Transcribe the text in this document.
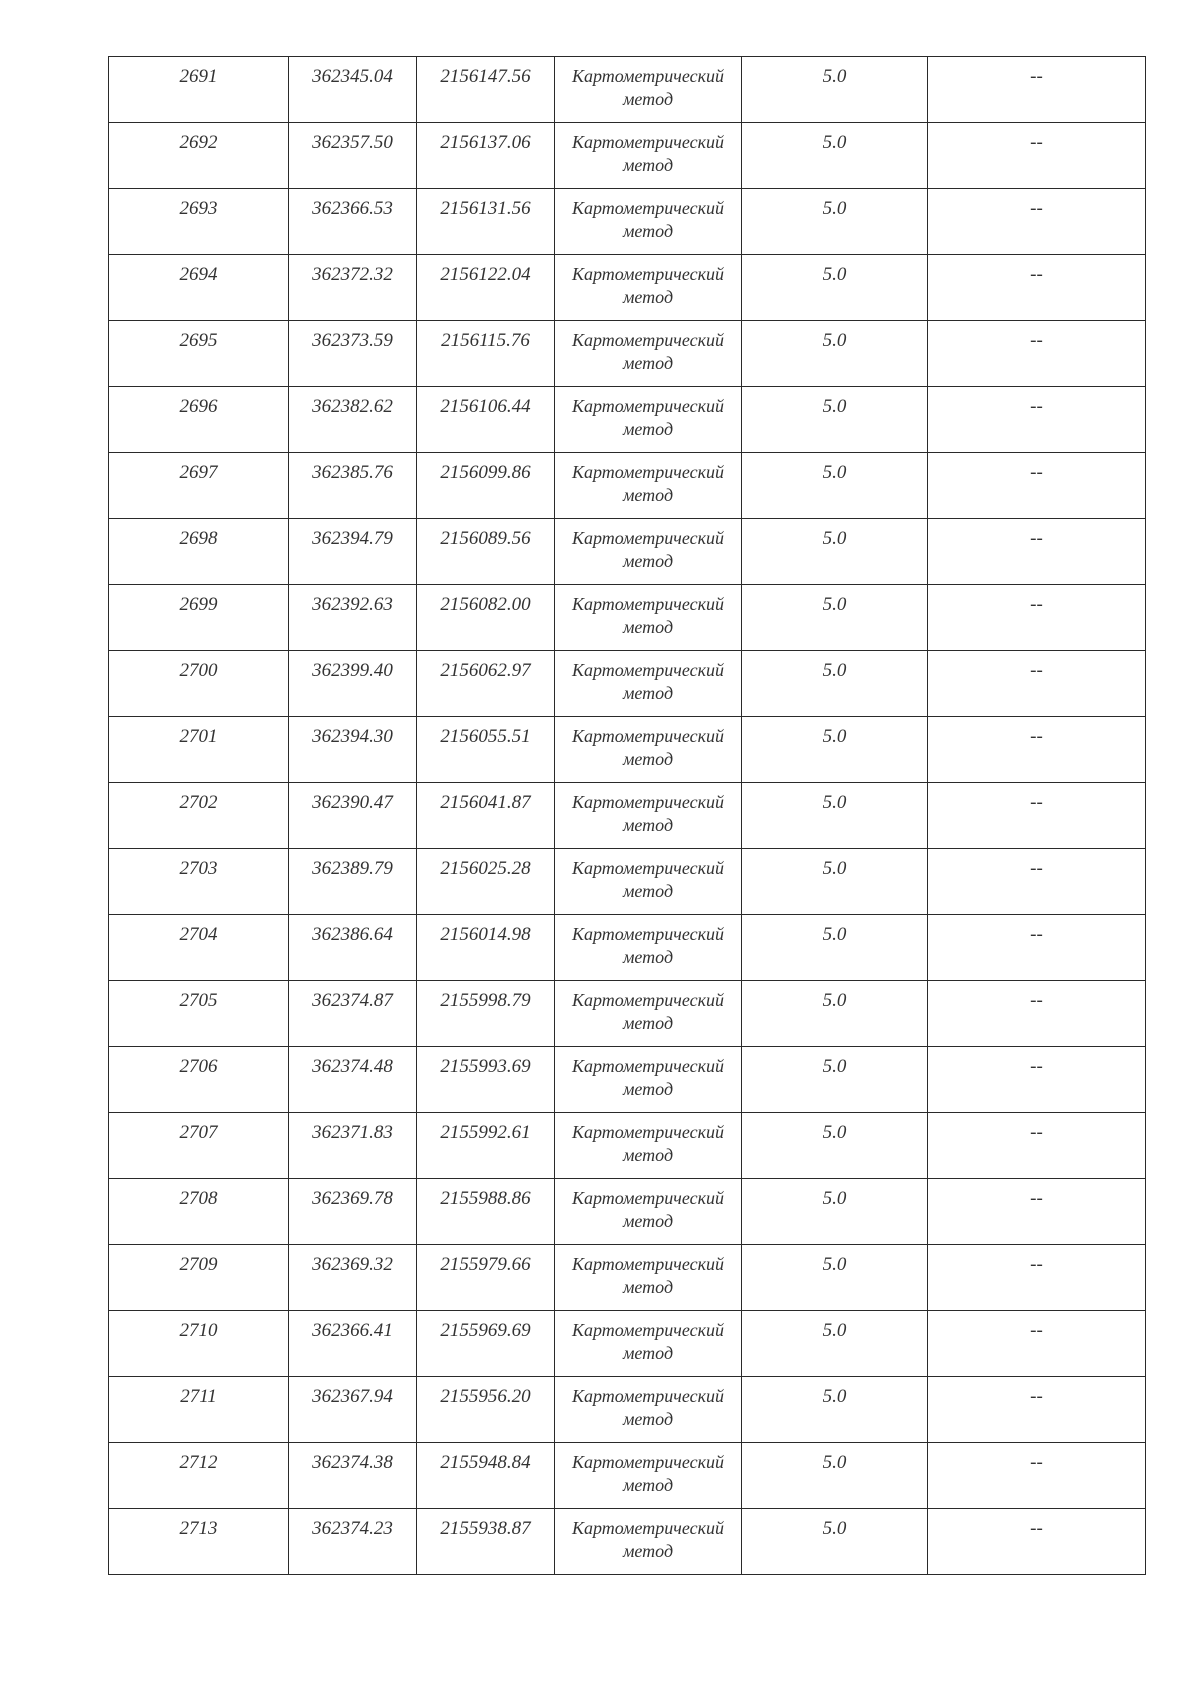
2691	362345.04	2156147.56	Картометрический
метод	5.0	--
2692	362357.50	2156137.06	Картометрический
метод	5.0	--
2693	362366.53	2156131.56	Картометрический
метод	5.0	--
2694	362372.32	2156122.04	Картометрический
метод	5.0	--
2695	362373.59	2156115.76	Картометрический
метод	5.0	--
2696	362382.62	2156106.44	Картометрический
метод	5.0	--
2697	362385.76	2156099.86	Картометрический
метод	5.0	--
2698	362394.79	2156089.56	Картометрический
метод	5.0	--
2699	362392.63	2156082.00	Картометрический
метод	5.0	--
2700	362399.40	2156062.97	Картометрический
метод	5.0	--
2701	362394.30	2156055.51	Картометрический
метод	5.0	--
2702	362390.47	2156041.87	Картометрический
метод	5.0	--
2703	362389.79	2156025.28	Картометрический
метод	5.0	--
2704	362386.64	2156014.98	Картометрический
метод	5.0	--
2705	362374.87	2155998.79	Картометрический
метод	5.0	--
2706	362374.48	2155993.69	Картометрический
метод	5.0	--
2707	362371.83	2155992.61	Картометрический
метод	5.0	--
2708	362369.78	2155988.86	Картометрический
метод	5.0	--
2709	362369.32	2155979.66	Картометрический
метод	5.0	--
2710	362366.41	2155969.69	Картометрический
метод	5.0	--
2711	362367.94	2155956.20	Картометрический
метод	5.0	--
2712	362374.38	2155948.84	Картометрический
метод	5.0	--
2713	362374.23	2155938.87	Картометрический
метод	5.0	--
